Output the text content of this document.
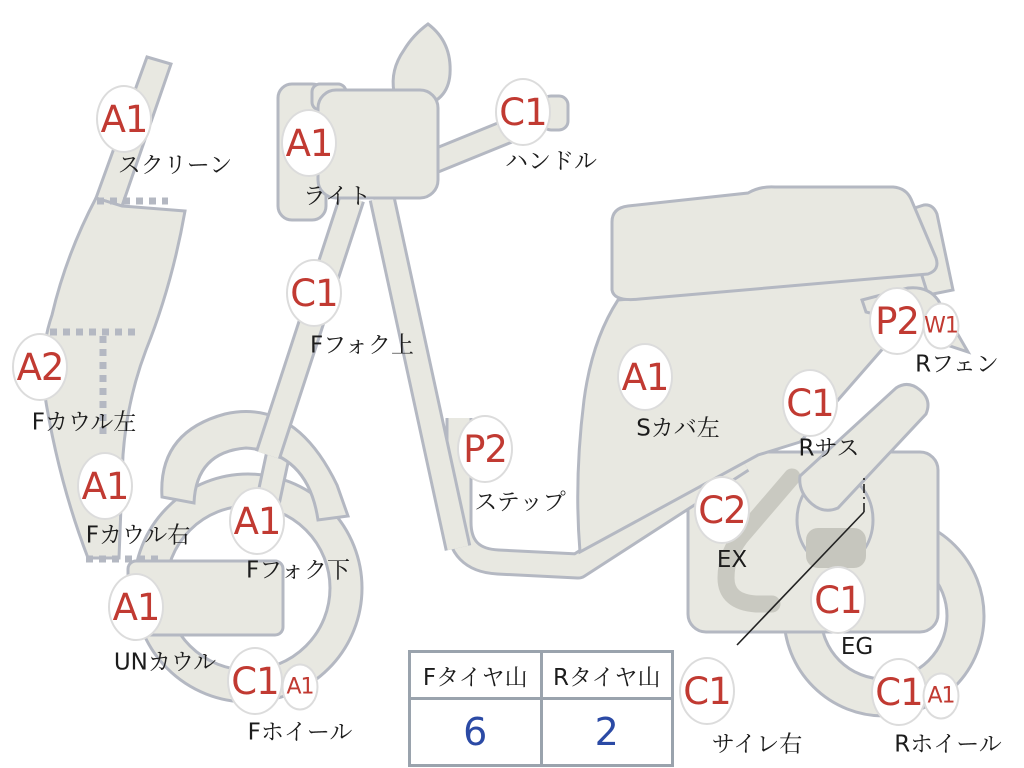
A1
スクリーン
A1
ライト
C1
ハンドル
C1
Fフォク上
A2
Fカウル左
A1
Fカウル右 A1
Fフォク下
A1
UNカウル C1 A1
Fホイール
P2
ステップ
A1
Sカバ左
P2 W1
Rフェン
C1
Rサス
C2
EX
C1
EG
C1
サイレ右
C1 A1
Rホイール
Fタイヤ山	Rタイヤ山
6	2
